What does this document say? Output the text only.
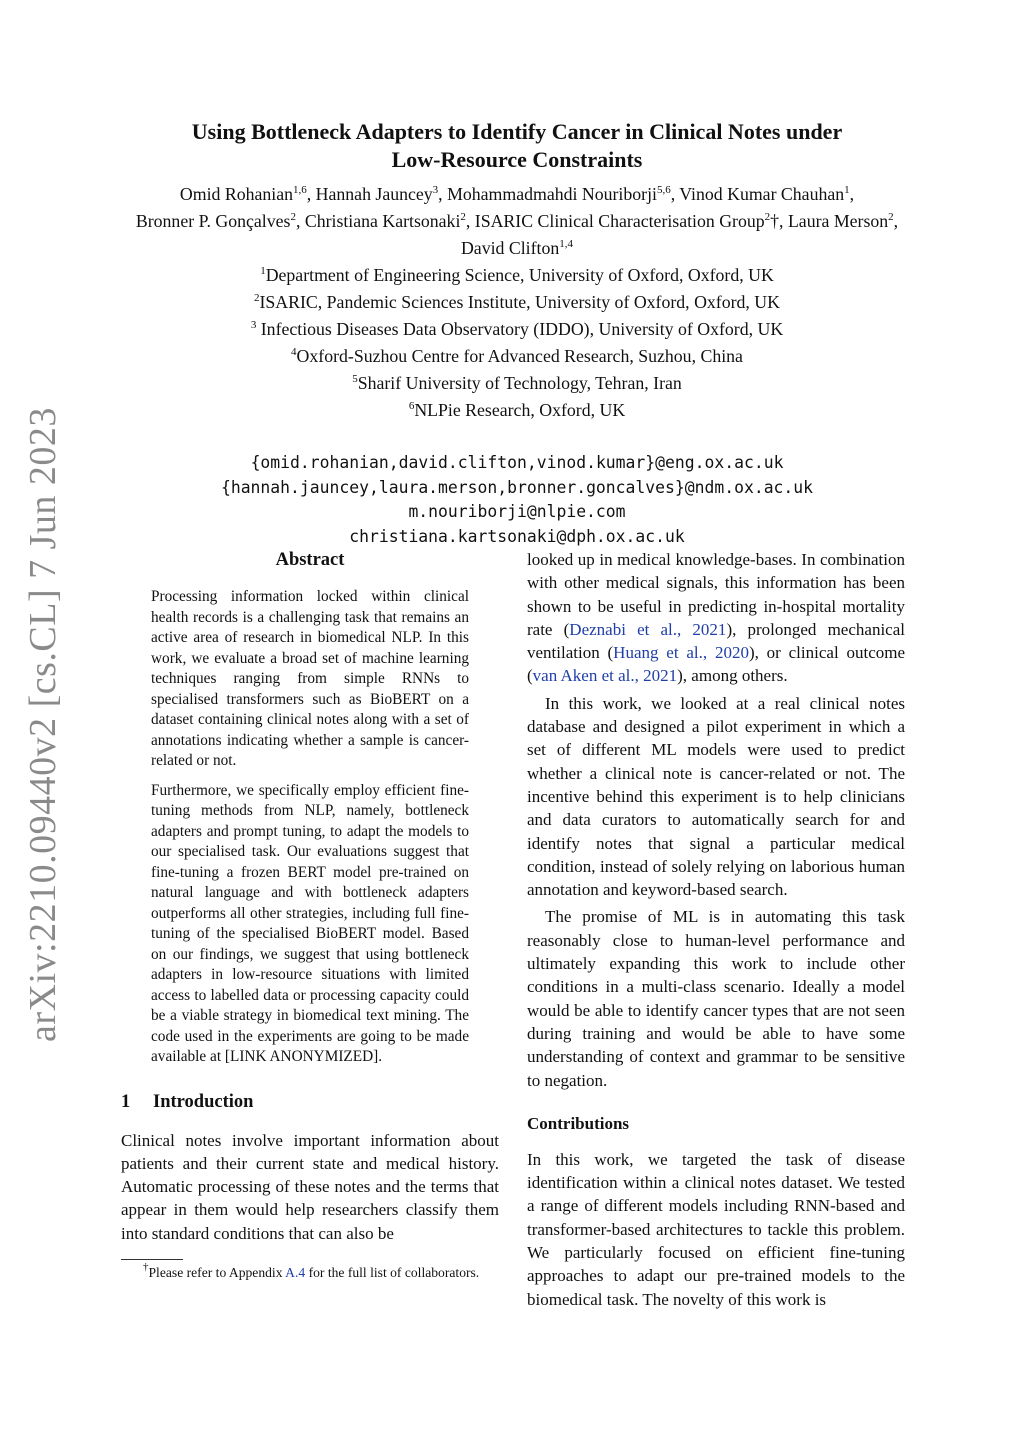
arXiv:2210.09440v2 [cs.CL] 7 Jun 2023
Using Bottleneck Adapters to Identify Cancer in Clinical Notes under
Low-Resource Constraints
Omid Rohanian$^{1,6}$, Hannah Jauncey$^3$, Mohammadmahdi Nouriborji$^{5,6}$, Vinod Kumar Chauhan$^1$,
Bronner P. Gonçalves$^2$, Christiana Kartsonaki$^2$, ISARIC Clinical Characterisation Group$^2$†, Laura Merson$^2$,
David Clifton$^{1,4}$
$^1$Department of Engineering Science, University of Oxford, Oxford, UK
$^2$ISARIC, Pandemic Sciences Institute, University of Oxford, Oxford, UK
$^3$ Infectious Diseases Data Observatory (IDDO), University of Oxford, UK
$^4$Oxford-Suzhou Centre for Advanced Research, Suzhou, China
$^5$Sharif University of Technology, Tehran, Iran
$^6$NLPie Research, Oxford, UK
{omid.rohanian,david.clifton,vinod.kumar}@eng.ox.ac.uk
{hannah.jauncey,laura.merson,bronner.goncalves}@ndm.ox.ac.uk
m.nouriborji@nlpie.com
christiana.kartsonaki@dph.ox.ac.uk
Abstract

Processing information locked within clinical health records is a challenging task that remains an active area of research in biomedical NLP. In this work, we evaluate a broad set of machine learning techniques ranging from simple RNNs to specialised transformers such as BioBERT on a dataset containing clinical notes along with a set of annotations indicating whether a sample is cancer-related or not.

Furthermore, we specifically employ efficient fine-tuning methods from NLP, namely, bottleneck adapters and prompt tuning, to adapt the models to our specialised task. Our evaluations suggest that fine-tuning a frozen BERT model pre-trained on natural language and with bottleneck adapters outperforms all other strategies, including full fine-tuning of the specialised BioBERT model. Based on our findings, we suggest that using bottleneck adapters in low-resource situations with limited access to labelled data or processing capacity could be a viable strategy in biomedical text mining. The code used in the experiments are going to be made available at [LINK ANONYMIZED].

1 Introduction

Clinical notes involve important information about patients and their current state and medical history. Automatic processing of these notes and the terms that appear in them would help researchers classify them into standard conditions that can also be

†Please refer to Appendix A.4 for the full list of collaborators.

looked up in medical knowledge-bases. In combination with other medical signals, this information has been shown to be useful in predicting in-hospital mortality rate (Deznabi et al., 2021), prolonged mechanical ventilation (Huang et al., 2020), or clinical outcome (van Aken et al., 2021), among others.

In this work, we looked at a real clinical notes database and designed a pilot experiment in which a set of different ML models were used to predict whether a clinical note is cancer-related or not. The incentive behind this experiment is to help clinicians and data curators to automatically search for and identify notes that signal a particular medical condition, instead of solely relying on laborious human annotation and keyword-based search.

The promise of ML is in automating this task reasonably close to human-level performance and ultimately expanding this work to include other conditions in a multi-class scenario. Ideally a model would be able to identify cancer types that are not seen during training and would be able to have some understanding of context and grammar to be sensitive to negation.

Contributions

In this work, we targeted the task of disease identification within a clinical notes dataset. We tested a range of different models including RNN-based and transformer-based architectures to tackle this problem. We particularly focused on efficient fine-tuning approaches to adapt our pre-trained models to the biomedical task. The novelty of this work is
